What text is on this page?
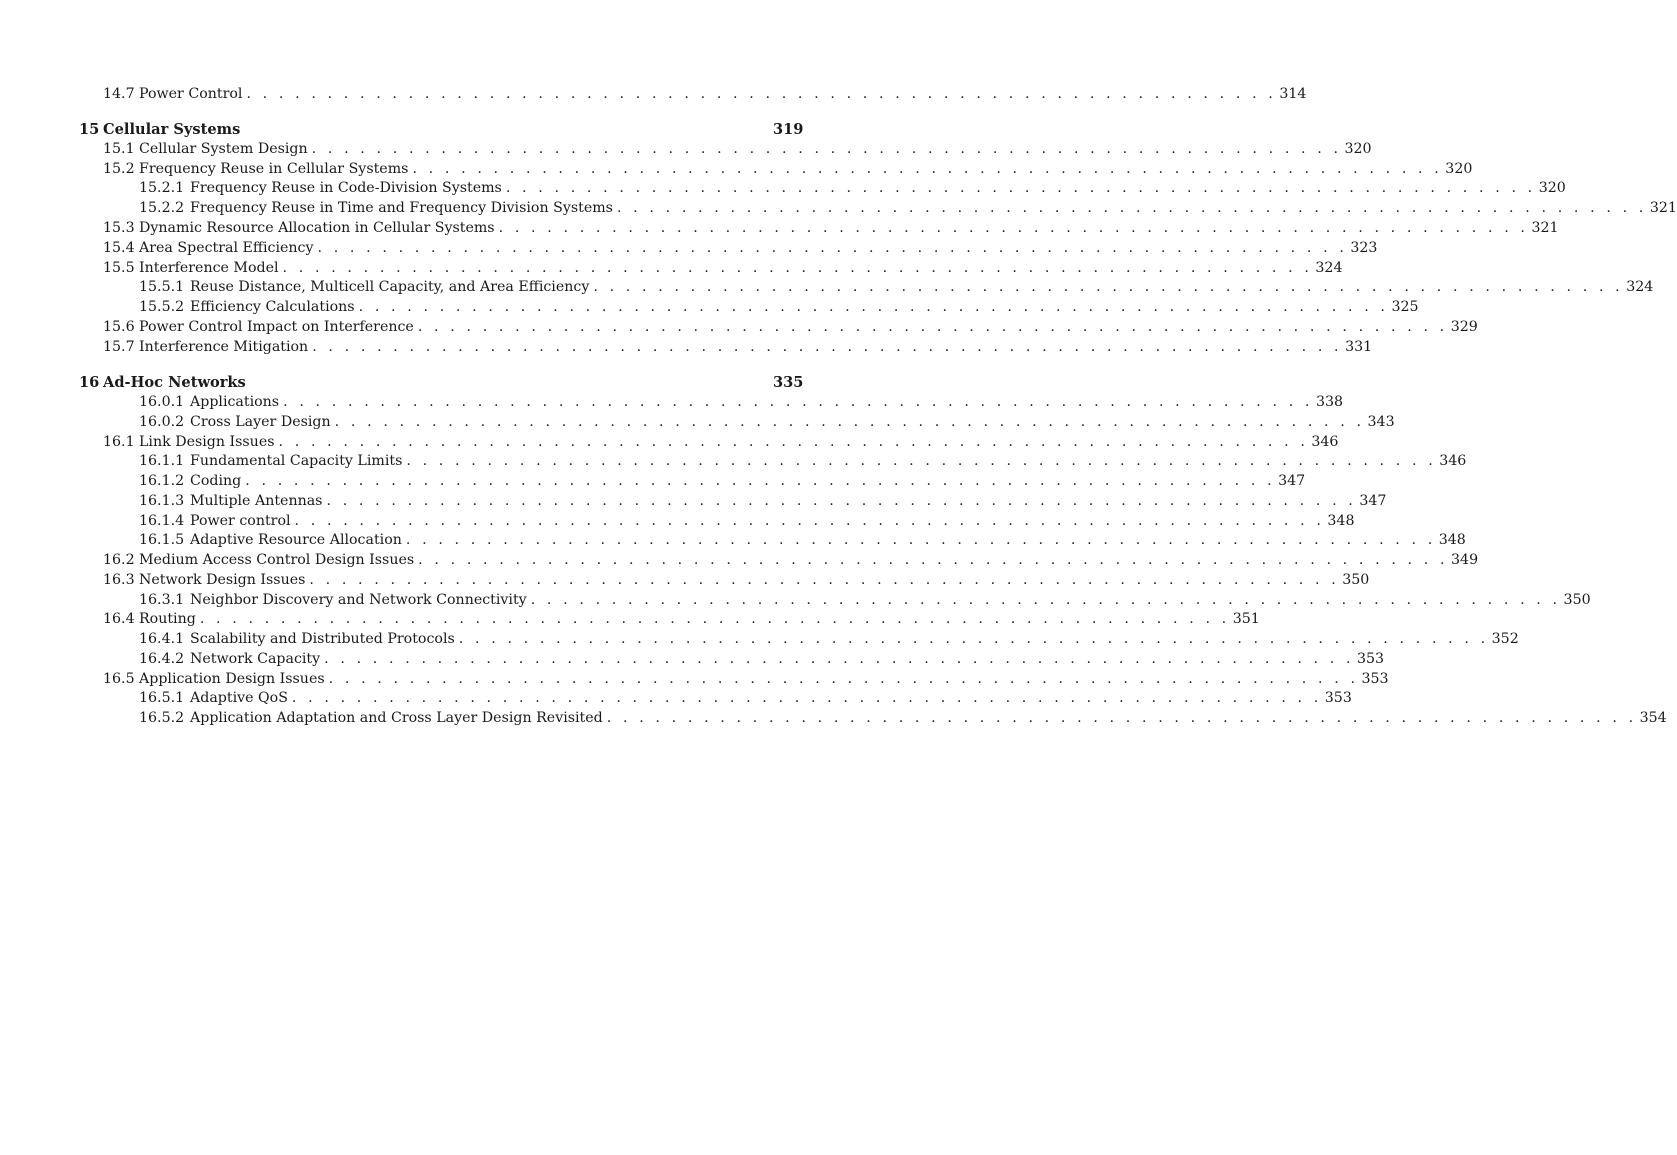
14.7 Power Control . . . . . . . . . . . . . . . . . . . . . . . . . . . . . . . . . . . . . . . . . . . . . . . . . . . . . . . . . . . . . . . . 314
15 Cellular Systems	319
15.1 Cellular System Design . . . . . . . . . . . . . . . . . . . . . . . . . . . . . . . . . . . . . . . . . . . . . . . . . . . . . . . . . . . . . . . . 320
15.2 Frequency Reuse in Cellular Systems . . . . . . . . . . . . . . . . . . . . . . . . . . . . . . . . . . . . . . . . . . . . . . . . . . . . . . . . . . . . . . . . 320
15.2.1 Frequency Reuse in Code-Division Systems . . . . . . . . . . . . . . . . . . . . . . . . . . . . . . . . . . . . . . . . . . . . . . . . . . . . . . . . . . . . . . . . 320
15.2.2 Frequency Reuse in Time and Frequency Division Systems . . . . . . . . . . . . . . . . . . . . . . . . . . . . . . . . . . . . . . . . . . . . . . . . . . . . . . . . . . . . . . . . 321
15.3 Dynamic Resource Allocation in Cellular Systems . . . . . . . . . . . . . . . . . . . . . . . . . . . . . . . . . . . . . . . . . . . . . . . . . . . . . . . . . . . . . . . . 321
15.4 Area Spectral Efficiency . . . . . . . . . . . . . . . . . . . . . . . . . . . . . . . . . . . . . . . . . . . . . . . . . . . . . . . . . . . . . . . . 323
15.5 Interference Model . . . . . . . . . . . . . . . . . . . . . . . . . . . . . . . . . . . . . . . . . . . . . . . . . . . . . . . . . . . . . . . . 324
15.5.1 Reuse Distance, Multicell Capacity, and Area Efficiency . . . . . . . . . . . . . . . . . . . . . . . . . . . . . . . . . . . . . . . . . . . . . . . . . . . . . . . . . . . . . . . . 324
15.5.2 Efficiency Calculations . . . . . . . . . . . . . . . . . . . . . . . . . . . . . . . . . . . . . . . . . . . . . . . . . . . . . . . . . . . . . . . . 325
15.6 Power Control Impact on Interference . . . . . . . . . . . . . . . . . . . . . . . . . . . . . . . . . . . . . . . . . . . . . . . . . . . . . . . . . . . . . . . . 329
15.7 Interference Mitigation . . . . . . . . . . . . . . . . . . . . . . . . . . . . . . . . . . . . . . . . . . . . . . . . . . . . . . . . . . . . . . . . 331
16 Ad-Hoc Networks	335
16.0.1 Applications . . . . . . . . . . . . . . . . . . . . . . . . . . . . . . . . . . . . . . . . . . . . . . . . . . . . . . . . . . . . . . . . 338
16.0.2 Cross Layer Design . . . . . . . . . . . . . . . . . . . . . . . . . . . . . . . . . . . . . . . . . . . . . . . . . . . . . . . . . . . . . . . . 343
16.1 Link Design Issues . . . . . . . . . . . . . . . . . . . . . . . . . . . . . . . . . . . . . . . . . . . . . . . . . . . . . . . . . . . . . . . . 346
16.1.1 Fundamental Capacity Limits . . . . . . . . . . . . . . . . . . . . . . . . . . . . . . . . . . . . . . . . . . . . . . . . . . . . . . . . . . . . . . . . 346
16.1.2 Coding . . . . . . . . . . . . . . . . . . . . . . . . . . . . . . . . . . . . . . . . . . . . . . . . . . . . . . . . . . . . . . . . 347
16.1.3 Multiple Antennas . . . . . . . . . . . . . . . . . . . . . . . . . . . . . . . . . . . . . . . . . . . . . . . . . . . . . . . . . . . . . . . . 347
16.1.4 Power control . . . . . . . . . . . . . . . . . . . . . . . . . . . . . . . . . . . . . . . . . . . . . . . . . . . . . . . . . . . . . . . . 348
16.1.5 Adaptive Resource Allocation . . . . . . . . . . . . . . . . . . . . . . . . . . . . . . . . . . . . . . . . . . . . . . . . . . . . . . . . . . . . . . . . 348
16.2 Medium Access Control Design Issues . . . . . . . . . . . . . . . . . . . . . . . . . . . . . . . . . . . . . . . . . . . . . . . . . . . . . . . . . . . . . . . . 349
16.3 Network Design Issues . . . . . . . . . . . . . . . . . . . . . . . . . . . . . . . . . . . . . . . . . . . . . . . . . . . . . . . . . . . . . . . . 350
16.3.1 Neighbor Discovery and Network Connectivity . . . . . . . . . . . . . . . . . . . . . . . . . . . . . . . . . . . . . . . . . . . . . . . . . . . . . . . . . . . . . . . . 350
16.4 Routing . . . . . . . . . . . . . . . . . . . . . . . . . . . . . . . . . . . . . . . . . . . . . . . . . . . . . . . . . . . . . . . . 351
16.4.1 Scalability and Distributed Protocols . . . . . . . . . . . . . . . . . . . . . . . . . . . . . . . . . . . . . . . . . . . . . . . . . . . . . . . . . . . . . . . . 352
16.4.2 Network Capacity . . . . . . . . . . . . . . . . . . . . . . . . . . . . . . . . . . . . . . . . . . . . . . . . . . . . . . . . . . . . . . . . 353
16.5 Application Design Issues . . . . . . . . . . . . . . . . . . . . . . . . . . . . . . . . . . . . . . . . . . . . . . . . . . . . . . . . . . . . . . . . 353
16.5.1 Adaptive QoS . . . . . . . . . . . . . . . . . . . . . . . . . . . . . . . . . . . . . . . . . . . . . . . . . . . . . . . . . . . . . . . . 353
16.5.2 Application Adaptation and Cross Layer Design Revisited . . . . . . . . . . . . . . . . . . . . . . . . . . . . . . . . . . . . . . . . . . . . . . . . . . . . . . . . . . . . . . . . 354
